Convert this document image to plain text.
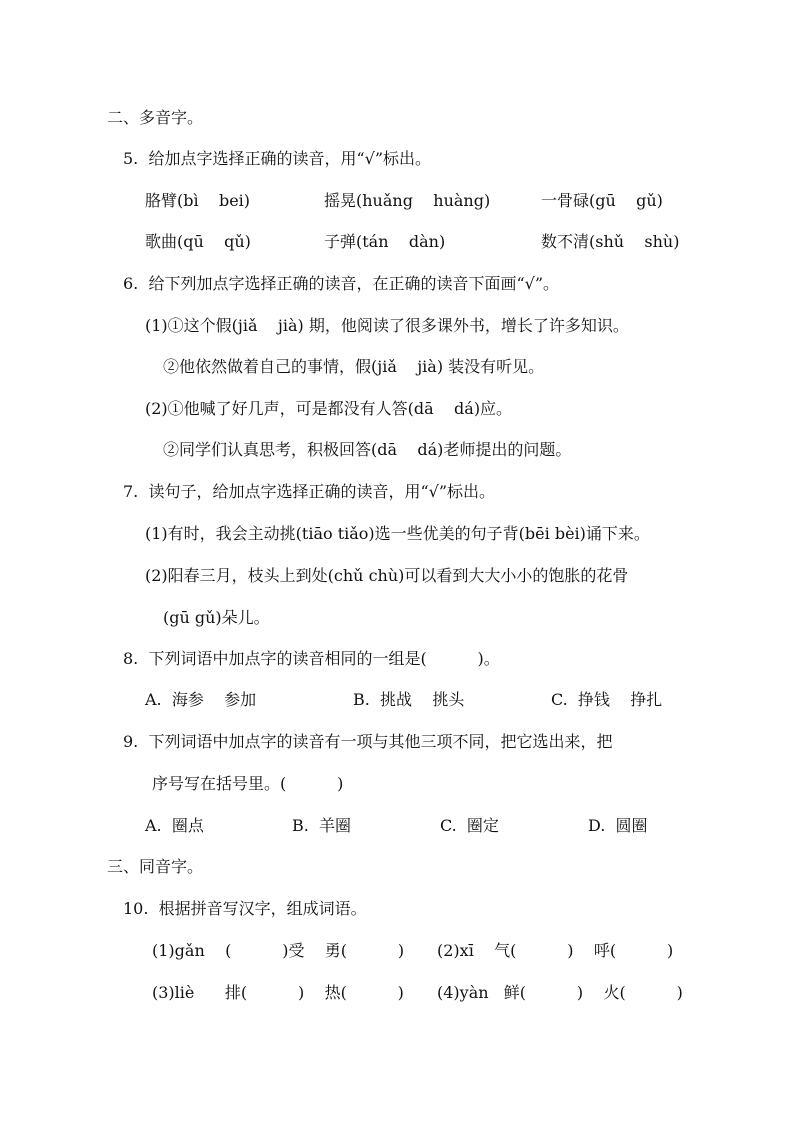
二、多音字。
5.  给加点字选择正确的读音，用“√”标出。
胳臂(bì    bei)	摇晃(huǎng    huàng)	一骨碌(gū    gǔ)
歌曲(qū    qǔ)	子弹(tán    dàn)	数不清(shǔ    shù)
6.  给下列加点字选择正确的读音，在正确的读音下面画“√”。
(1)①这个假(jiǎ    jià) 期，他阅读了很多课外书，增长了许多知识。
②他依然做着自己的事情，假(jiǎ    jià) 装没有听见。
(2)①他喊了好几声，可是都没有人答(dā    dá)应。
②同学们认真思考，积极回答(dā    dá)老师提出的问题。
7.  读句子，给加点字选择正确的读音，用“√”标出。
(1)有时，我会主动挑(tiāo tiǎo)选一些优美的句子背(bēi bèi)诵下来。
(2)阳春三月，枝头上到处(chǔ chù)可以看到大大小小的饱胀的花骨
(gū gǔ)朵儿。
8.  下列词语中加点字的读音相同的一组是(          )。
A.  海参    参加	B.  挑战    挑头	C.  挣钱    挣扎
9.  下列词语中加点字的读音有一项与其他三项不同，把它选出来，把
序号写在括号里。(          )
A.  圈点	B.  羊圈	C.  圈定	D.  圆圈
三、同音字。
10.  根据拼音写汉字，组成词语。
(1)gǎn    (          )受    勇(          ) (2)xī    气(          )    呼(          )
(3)liè      排(          )    热(          ) (4)yàn   鲜(          )    火(          )
